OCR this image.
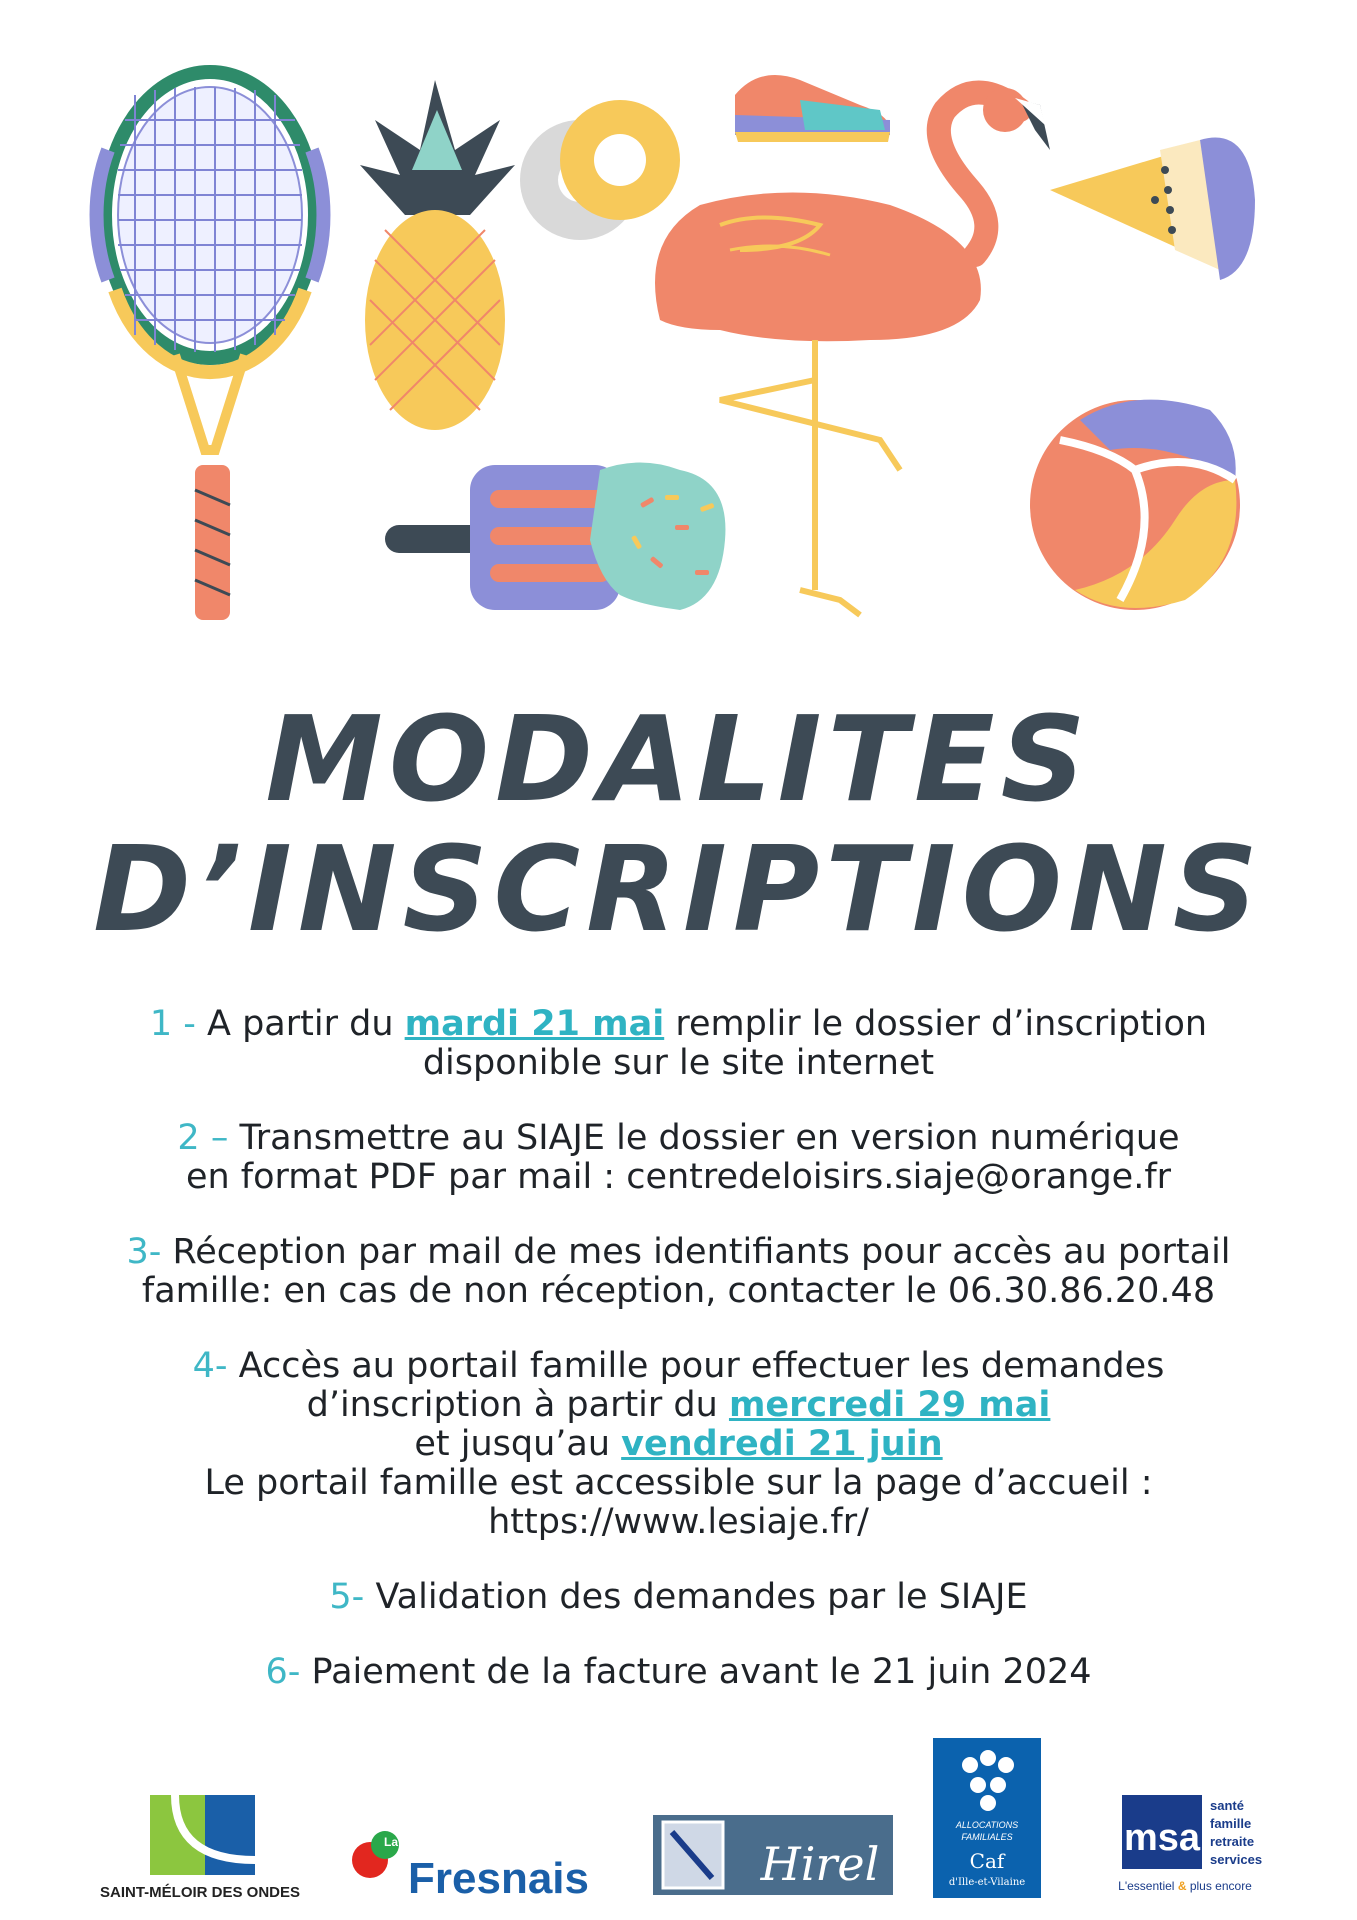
MODALITES
D’INSCRIPTIONS
1 - A partir du mardi 21 mai remplir le dossier d’inscription
disponible sur le site internet
2 – Transmettre au SIAJE le dossier en version numérique
en format PDF par mail : centredeloisirs.siaje@orange.fr
3- Réception par mail de mes identifiants pour accès au portail
famille: en cas de non réception, contacter le 06.30.86.20.48
4- Accès au portail famille pour effectuer les demandes
d’inscription à partir du mercredi 29 mai
et jusqu’au vendredi 21 juin
Le portail famille est accessible sur la page d’accueil :
https://www.lesiaje.fr/
5- Validation des demandes par le SIAJE
6- Paiement de la facture avant le 21 juin 2024
SAINT-MÉLOIR DES ONDES
La
Fresnais	Hirel
ALLOCATIONS
FAMILIALES
Caf
d'Ille-et-Vilaine
msa
santé
famille
retraite
services
L'essentiel & plus encore
